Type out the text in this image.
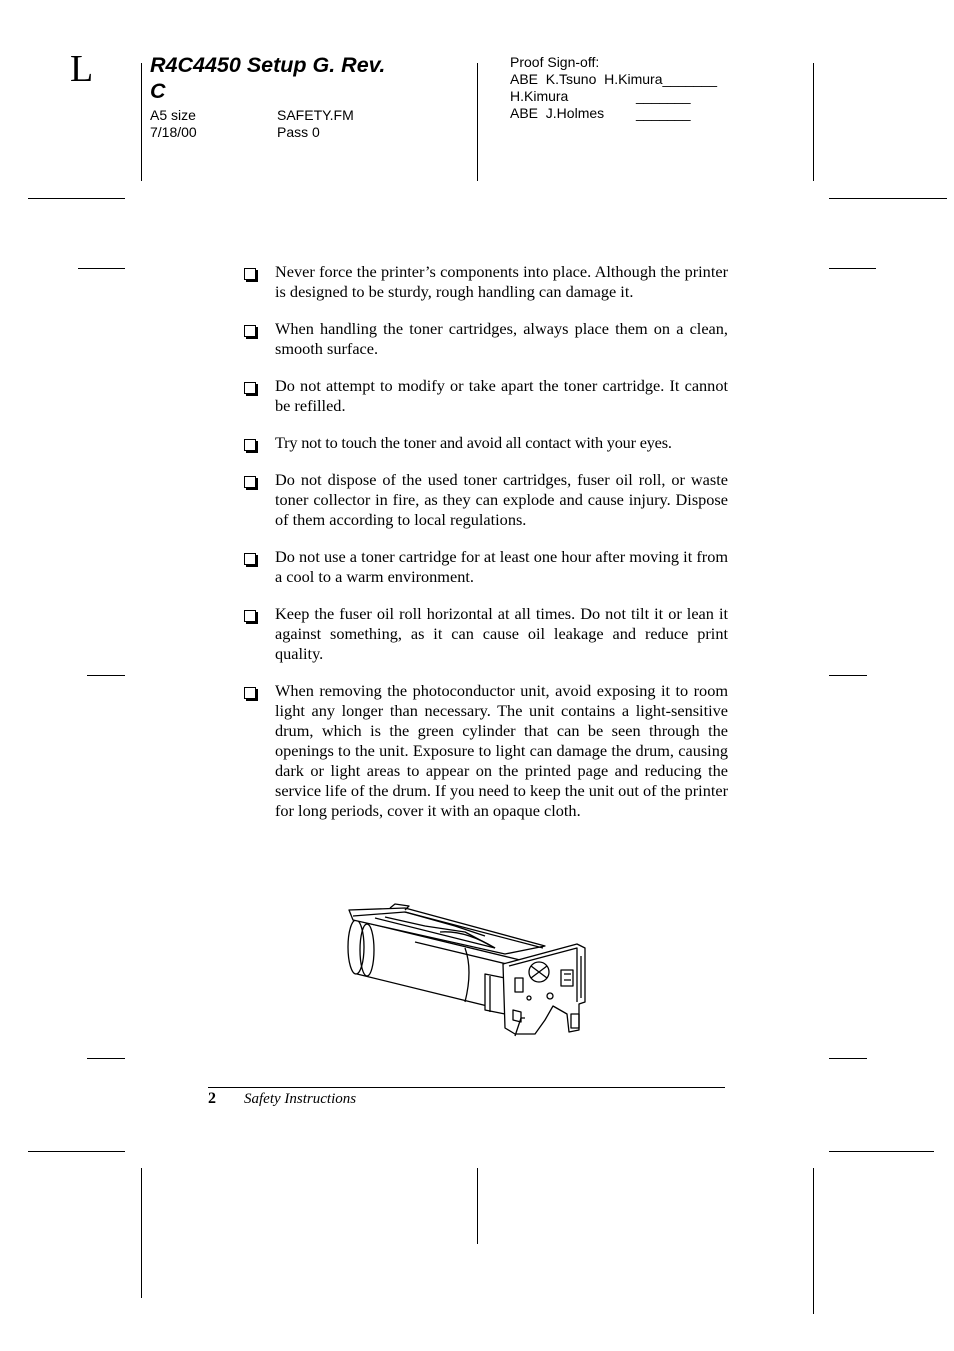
L	R4C4450 Setup G. Rev. C
A5 size
7/18/00
SAFETY.FM
Pass 0
Proof Sign-off:
ABE  K.Tsuno  H.Kimura_______
H.Kimura	_______
ABE  J.Holmes _______
Never force the printer’s components into place. Although the printer is designed to be sturdy, rough handling can damage it.
When handling the toner cartridges, always place them on a clean, smooth surface.
Do not attempt to modify or take apart the toner cartridge. It cannot be refilled.
Try not to touch the toner and avoid all contact with your eyes.
Do not dispose of the used toner cartridges, fuser oil roll, or waste toner collector in fire, as they can explode and cause injury. Dispose of them according to local regulations.
Do not use a toner cartridge for at least one hour after moving it from a cool to a warm environment.
Keep the fuser oil roll horizontal at all times. Do not tilt it or lean it against something, as it can cause oil leakage and reduce print quality.
When removing the photoconductor unit, avoid exposing it to room light any longer than necessary. The unit contains a light-sensitive drum, which is the green cylinder that can be seen through the openings to the unit. Exposure to light can damage the drum, causing dark or light areas to appear on the printed page and reducing the service life of the drum. If you need to keep the unit out of the printer for long periods, cover it with an opaque cloth.
2 Safety Instructions
